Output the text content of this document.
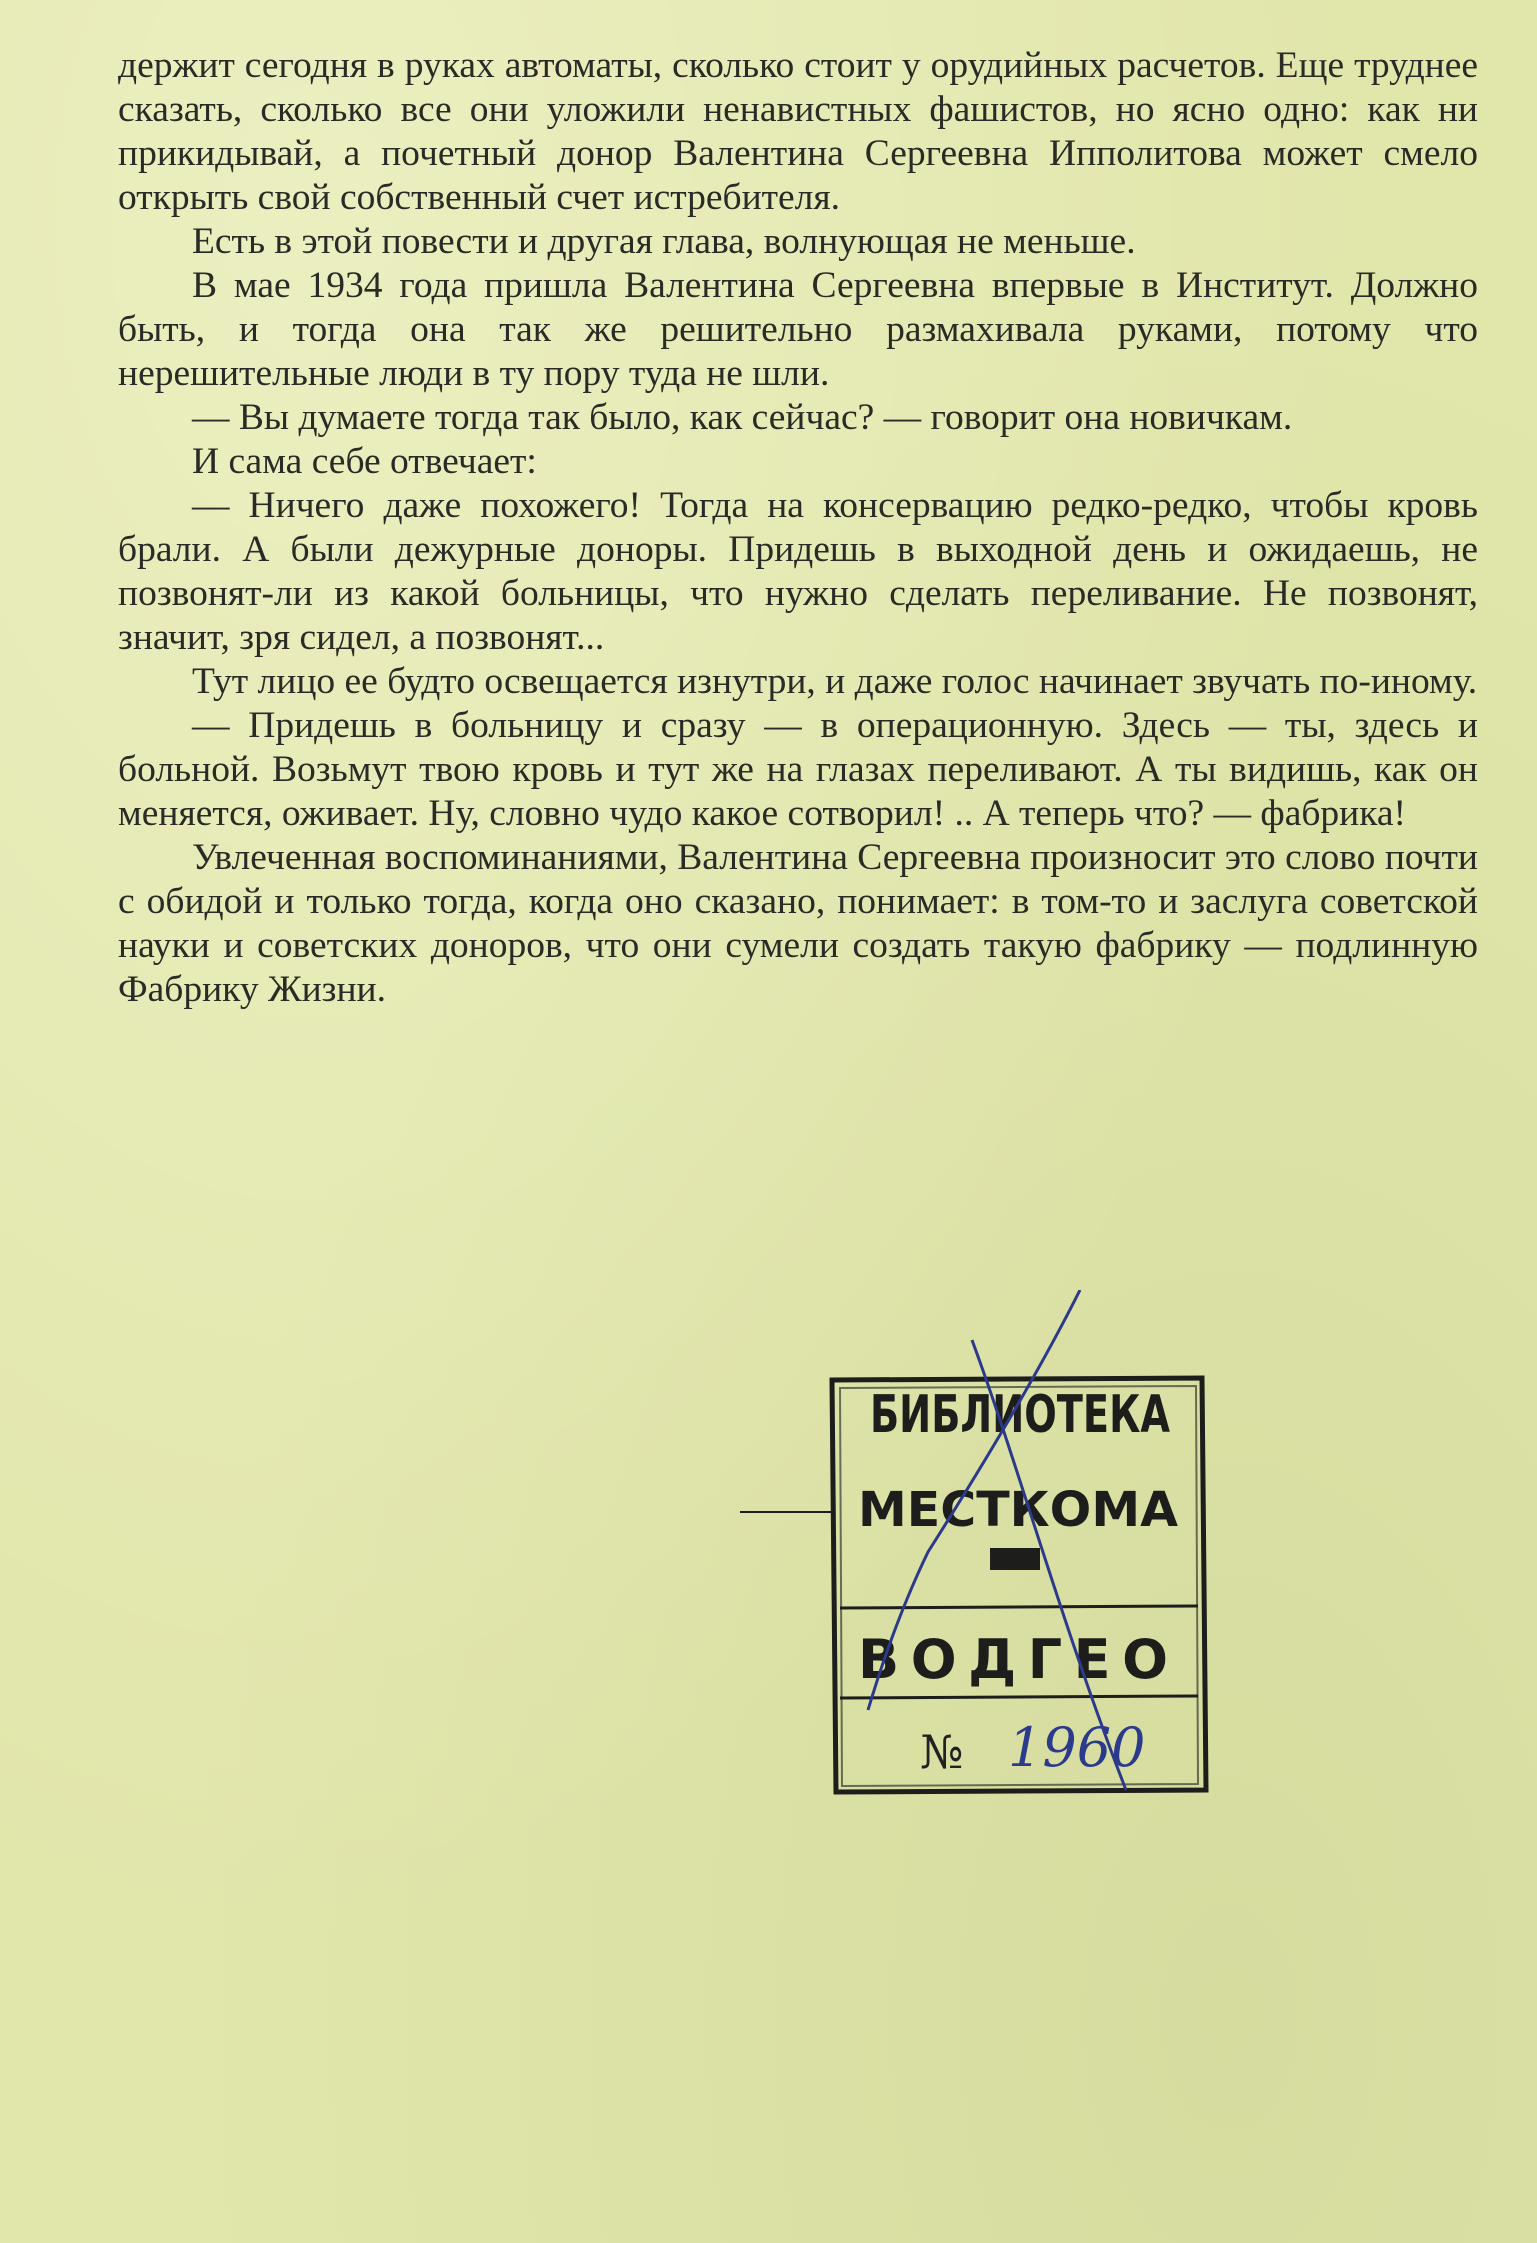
держит сегодня в руках автоматы, сколько стоит у орудийных расчетов. Еще труднее сказать, сколько все они уложили ненавистных фашистов, но ясно одно: как ни прикидывай, а почетный донор Валентина Сергеевна Ипполитова может смело открыть свой собственный счет истребителя.

Есть в этой повести и другая глава, волнующая не меньше.

В мае 1934 года пришла Валентина Сергеевна впервые в Институт. Должно быть, и тогда она так же решительно размахивала руками, потому что нерешительные люди в ту пору туда не шли.

— Вы думаете тогда так было, как сейчас? — говорит она новичкам.

И сама себе отвечает:

— Ничего даже похожего! Тогда на консервацию редко-редко, чтобы кровь брали. А были дежурные доноры. Придешь в выходной день и ожидаешь, не позвонят-ли из какой больницы, что нужно сделать переливание. Не позвонят, значит, зря сидел, а позвонят...

Тут лицо ее будто освещается изнутри, и даже голос начинает звучать по-иному.

— Придешь в больницу и сразу — в операционную. Здесь — ты, здесь и больной. Возьмут твою кровь и тут же на глазах переливают. А ты видишь, как он меняется, оживает. Ну, словно чудо какое сотворил! .. А теперь что? — фабрика!

Увлеченная воспоминаниями, Валентина Сергеевна произносит это слово почти с обидой и только тогда, когда оно сказано, понимает: в том-то и заслуга советской науки и советских доноров, что они сумели создать такую фабрику — подлинную Фабрику Жизни.

БИБЛИОТЕКА
МЕСТКОМА
ВОДГЕО
№ 1960
